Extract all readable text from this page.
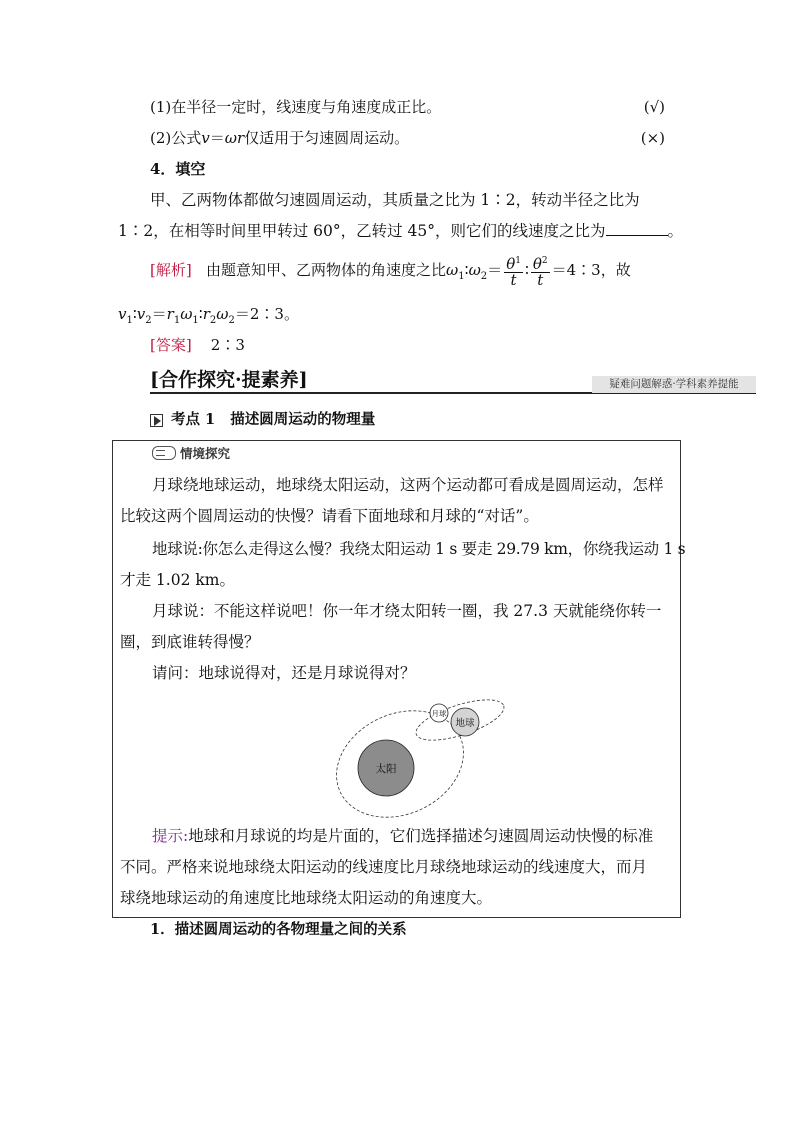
(1)在半径一定时，线速度与角速度成正比。	(√)
(2)公式v＝ωr仅适用于匀速圆周运动。	(×)
4．填空
甲、乙两物体都做匀速圆周运动，其质量之比为 1∶2，转动半径之比为
1∶2，在相等时间里甲转过 60°，乙转过 45°，则它们的线速度之比为	。
[解析] 由题意知甲、乙两物体的角速度之比$\omega_1∶\omega_2= \frac{\theta^1}{t}$ ∶ $\frac{\theta^2}{t}$ ＝4∶3，故
$v_1∶v_2=r_1\omega_1∶r_2\omega_2=2∶3$。
[答案] 2∶3
[合作探究·提素养]	疑难问题解惑·学科素养提能
考点 1 描述圆周运动的物理量
情境探究
月球绕地球运动，地球绕太阳运动，这两个运动都可看成是圆周运动，怎样
比较这两个圆周运动的快慢？请看下面地球和月球的“对话”。
地球说:你怎么走得这么慢？我绕太阳运动 1 s 要走 29.79 km，你绕我运动 1 s
才走 1.02 km。
月球说：不能这样说吧！你一年才绕太阳转一圈，我 27.3 天就能绕你转一
圈，到底谁转得慢？
请问：地球说得对，还是月球说得对？
太阳
地球
月球
提示:地球和月球说的均是片面的，它们选择描述匀速圆周运动快慢的标准
不同。严格来说地球绕太阳运动的线速度比月球绕地球运动的线速度大，而月
球绕地球运动的角速度比地球绕太阳运动的角速度大。
1．描述圆周运动的各物理量之间的关系
